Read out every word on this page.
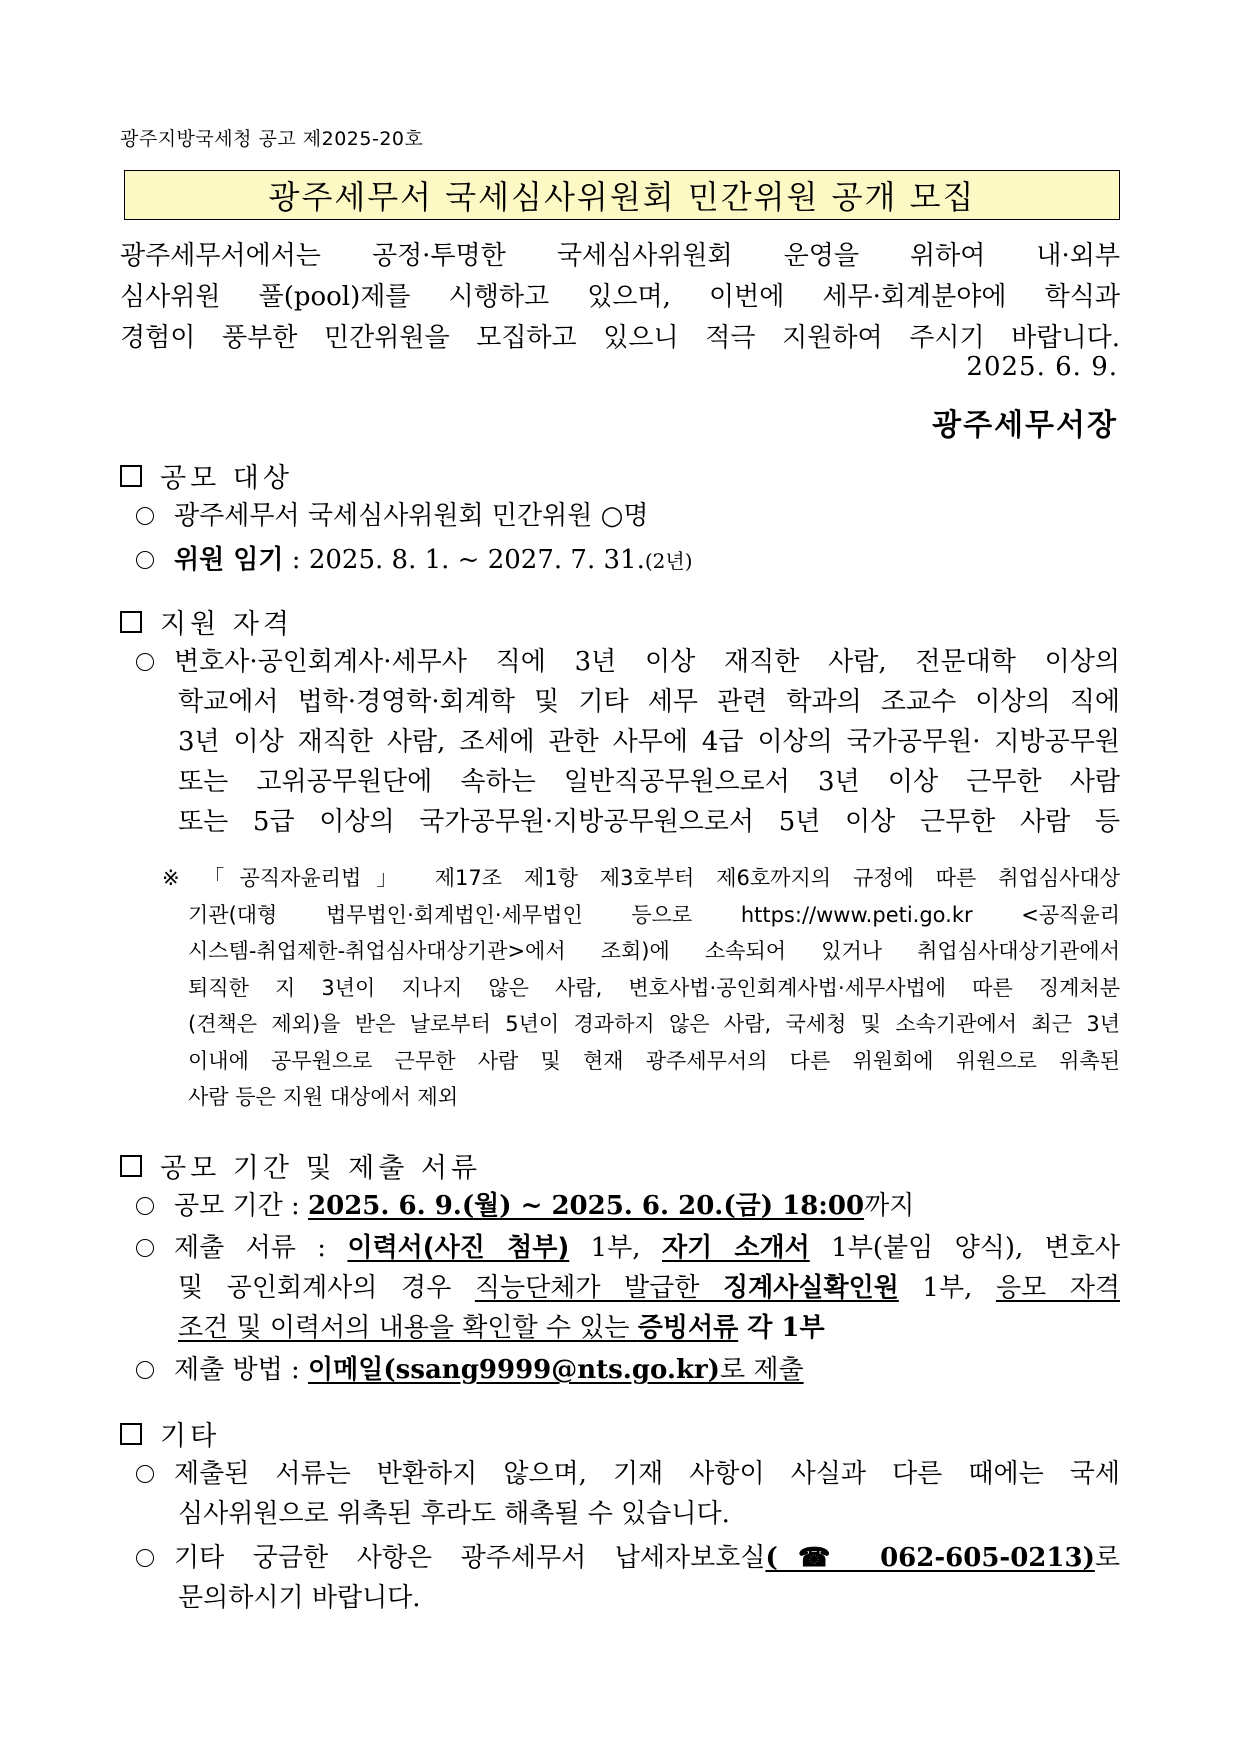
광주지방국세청 공고 제2025-20호
광주세무서 국세심사위원회 민간위원 공개 모집
광주세무서에서는 공정·투명한 국세심사위원회 운영을 위하여 내·외부
심사위원 풀(pool)제를 시행하고 있으며, 이번에 세무·회계분야에 학식과
경험이 풍부한 민간위원을 모집하고 있으니 적극 지원하여 주시기 바랍니다.
2025. 6. 9.
광주세무서장
공모 대상
광주세무서 국세심사위원회 민간위원 ○명
위원 임기 : 2025. 8. 1. ~ 2027. 7. 31.(2년)
지원 자격
변호사·공인회계사·세무사 직에 3년 이상 재직한 사람, 전문대학 이상의
학교에서 법학·경영학·회계학 및 기타 세무 관련 학과의 조교수 이상의 직에
3년 이상 재직한 사람, 조세에 관한 사무에 4급 이상의 국가공무원· 지방공무원
또는 고위공무원단에 속하는 일반직공무원으로서 3년 이상 근무한 사람
또는 5급 이상의 국가공무원·지방공무원으로서 5년 이상 근무한 사람 등
※ 「공직자윤리법」 제17조 제1항 제3호부터 제6호까지의 규정에 따른 취업심사대상
기관(대형 법무법인·회계법인·세무법인 등으로 https://www.peti.go.kr <공직윤리
시스템-취업제한-취업심사대상기관>에서 조회)에 소속되어 있거나 취업심사대상기관에서
퇴직한 지 3년이 지나지 않은 사람, 변호사법·공인회계사법·세무사법에 따른 징계처분
(견책은 제외)을 받은 날로부터 5년이 경과하지 않은 사람, 국세청 및 소속기관에서 최근 3년
이내에 공무원으로 근무한 사람 및 현재 광주세무서의 다른 위원회에 위원으로 위촉된
사람 등은 지원 대상에서 제외
공모 기간 및 제출 서류
공모 기간 : 2025. 6. 9.(월) ~ 2025. 6. 20.(금) 18:00까지
제출 서류 : 이력서(사진 첨부) 1부, 자기 소개서 1부(붙임 양식), 변호사
및 공인회계사의 경우 직능단체가 발급한 징계사실확인원 1부, 응모 자격
조건 및 이력서의 내용을 확인할 수 있는 증빙서류 각 1부
제출 방법 : 이메일(ssang9999@nts.go.kr)로 제출
기타
제출된 서류는 반환하지 않으며, 기재 사항이 사실과 다른 때에는 국세
심사위원으로 위촉된 후라도 해촉될 수 있습니다.
기타 궁금한 사항은 광주세무서 납세자보호실(☎ 062-605-0213)로
문의하시기 바랍니다.
